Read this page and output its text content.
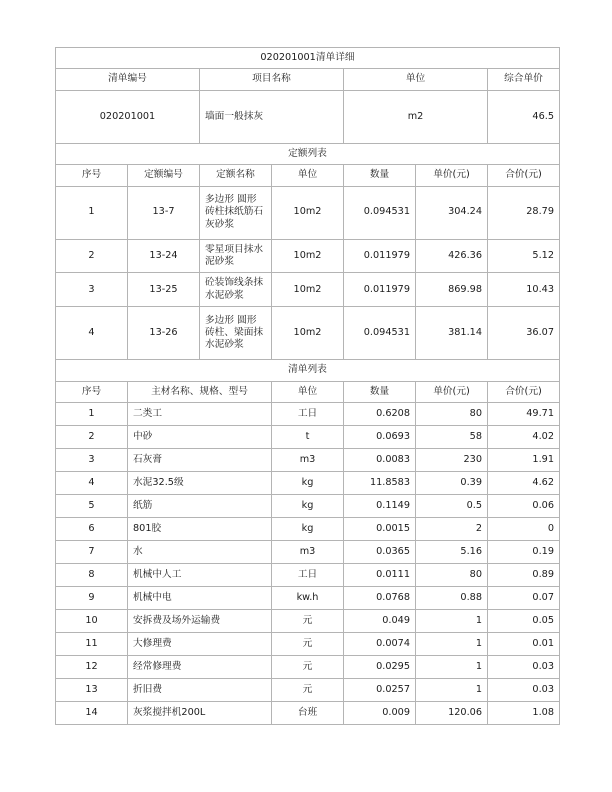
020201001清单详细						
清单编号		项目名称		单位		综合单价
020201001		墙面一般抹灰		m2		46.5
定额列表						
序号	定额编号	定额名称	单位	数量	单价(元)	合价(元)
1	13-7	多边形 圆形砖柱抹纸筋石灰砂浆	10m2	0.094531	304.24	28.79
2	13-24	零星项目抹水泥砂浆	10m2	0.011979	426.36	5.12
3	13-25	砼装饰线条抹水泥砂浆	10m2	0.011979	869.98	10.43
4	13-26	多边形 圆形砖柱、梁面抹水泥砂浆	10m2	0.094531	381.14	36.07
清单列表						
序号	主材名称、规格、型号		单位	数量	单价(元)	合价(元)
1	二类工		工日	0.6208	80	49.71
2	中砂		t	0.0693	58	4.02
3	石灰膏		m3	0.0083	230	1.91
4	水泥32.5级		kg	11.8583	0.39	4.62
5	纸筋		kg	0.1149	0.5	0.06
6	801胶		kg	0.0015	2	0
7	水		m3	0.0365	5.16	0.19
8	机械中人工		工日	0.0111	80	0.89
9	机械中电		kw.h	0.0768	0.88	0.07
10	安拆费及场外运输费		元	0.049	1	0.05
11	大修理费		元	0.0074	1	0.01
12	经常修理费		元	0.0295	1	0.03
13	折旧费		元	0.0257	1	0.03
14	灰浆搅拌机200L		台班	0.009	120.06	1.08
